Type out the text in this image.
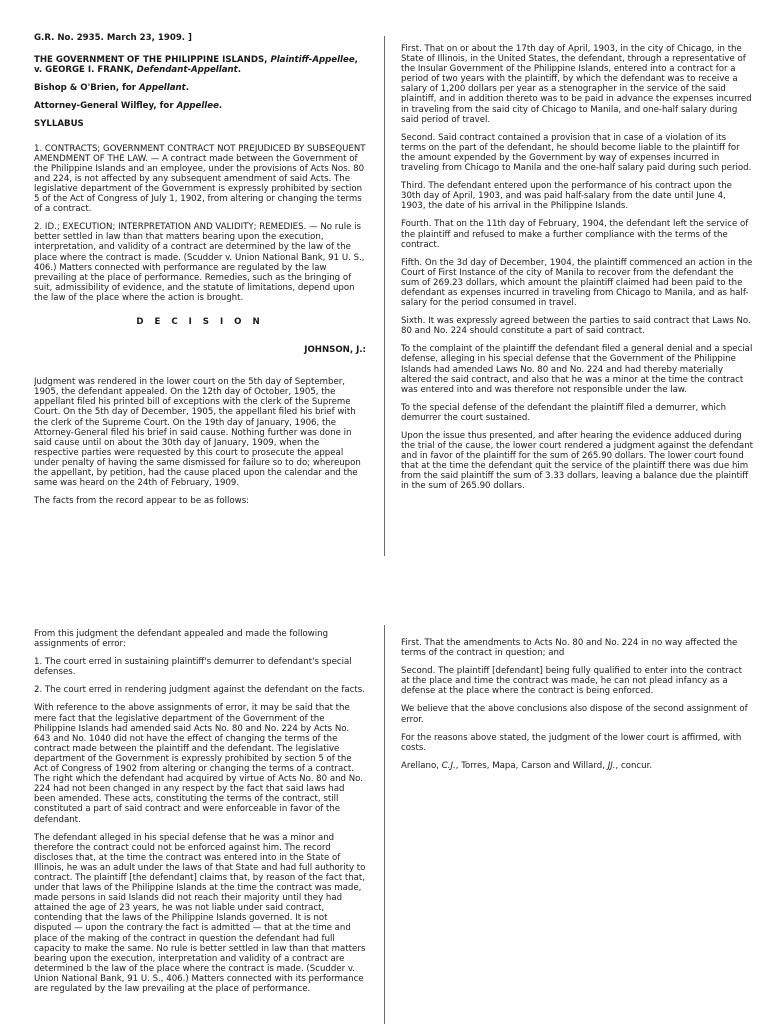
G.R. No. 2935. March 23, 1909. ]

THE GOVERNMENT OF THE PHILIPPINE ISLANDS, Plaintiff-Appellee, v. GEORGE I. FRANK, Defendant-Appellant.

Bishop & O'Brien, for Appellant.

Attorney-General Wilfley, for Appellee.

SYLLABUS

1. CONTRACTS; GOVERNMENT CONTRACT NOT PREJUDICED BY SUBSEQUENT AMENDMENT OF THE LAW. — A contract made between the Government of the Philippine Islands and an employee, under the provisions of Acts Nos. 80 and 224, is not affected by any subsequent amendment of said Acts. The legislative department of the Government is expressly prohibited by section 5 of the Act of Congress of July 1, 1902, from altering or changing the terms of a contract.

2. ID.; EXECUTION; INTERPRETATION AND VALIDITY; REMEDIES. — No rule is better settled in law than that matters bearing upon the execution, interpretation, and validity of a contract are determined by the law of the place where the contract is made. (Scudder v. Union National Bank, 91 U. S., 406.) Matters connected with performance are regulated by the law prevailing at the place of performance. Remedies, such as the bringing of suit, admissibility of evidence, and the statute of limitations, depend upon the law of the place where the action is brought.

D E C I S I O N

JOHNSON, J.:

Judgment was rendered in the lower court on the 5th day of September, 1905, the defendant appealed. On the 12th day of October, 1905, the appellant filed his printed bill of exceptions with the clerk of the Supreme Court. On the 5th day of December, 1905, the appellant filed his brief with the clerk of the Supreme Court. On the 19th day of January, 1906, the Attorney-General filed his brief in said cause. Nothing further was done in said cause until on about the 30th day of January, 1909, when the respective parties were requested by this court to prosecute the appeal under penalty of having the same dismissed for failure so to do; whereupon the appellant, by petition, had the cause placed upon the calendar and the same was heard on the 24th of February, 1909.

The facts from the record appear to be as follows:

First. That on or about the 17th day of April, 1903, in the city of Chicago, in the State of Illinois, in the United States, the defendant, through a representative of the Insular Government of the Philippine Islands, entered into a contract for a period of two years with the plaintiff, by which the defendant was to receive a salary of 1,200 dollars per year as a stenographer in the service of the said plaintiff, and in addition thereto was to be paid in advance the expenses incurred in traveling from the said city of Chicago to Manila, and one-half salary during said period of travel.

Second. Said contract contained a provision that in case of a violation of its terms on the part of the defendant, he should become liable to the plaintiff for the amount expended by the Government by way of expenses incurred in traveling from Chicago to Manila and the one-half salary paid during such period.

Third. The defendant entered upon the performance of his contract upon the 30th day of April, 1903, and was paid half-salary from the date until June 4, 1903, the date of his arrival in the Philippine Islands.

Fourth. That on the 11th day of February, 1904, the defendant left the service of the plaintiff and refused to make a further compliance with the terms of the contract.

Fifth. On the 3d day of December, 1904, the plaintiff commenced an action in the Court of First Instance of the city of Manila to recover from the defendant the sum of 269.23 dollars, which amount the plaintiff claimed had been paid to the defendant as expenses incurred in traveling from Chicago to Manila, and as half-salary for the period consumed in travel.

Sixth. It was expressly agreed between the parties to said contract that Laws No. 80 and No. 224 should constitute a part of said contract.

To the complaint of the plaintiff the defendant filed a general denial and a special defense, alleging in his special defense that the Government of the Philippine Islands had amended Laws No. 80 and No. 224 and had thereby materially altered the said contract, and also that he was a minor at the time the contract was entered into and was therefore not responsible under the law.

To the special defense of the defendant the plaintiff filed a demurrer, which demurrer the court sustained.

Upon the issue thus presented, and after hearing the evidence adduced during the trial of the cause, the lower court rendered a judgment against the defendant and in favor of the plaintiff for the sum of 265.90 dollars. The lower court found that at the time the defendant quit the service of the plaintiff there was due him from the said plaintiff the sum of 3.33 dollars, leaving a balance due the plaintiff in the sum of 265.90 dollars.

From this judgment the defendant appealed and made the following assignments of error:

1. The court erred in sustaining plaintiff's demurrer to defendant's special defenses.

2. The court erred in rendering judgment against the defendant on the facts.

With reference to the above assignments of error, it may be said that the mere fact that the legislative department of the Government of the Philippine Islands had amended said Acts No. 80 and No. 224 by Acts No. 643 and No. 1040 did not have the effect of changing the terms of the contract made between the plaintiff and the defendant. The legislative department of the Government is expressly prohibited by section 5 of the Act of Congress of 1902 from altering or changing the terms of a contract. The right which the defendant had acquired by virtue of Acts No. 80 and No. 224 had not been changed in any respect by the fact that said laws had been amended. These acts, constituting the terms of the contract, still constituted a part of said contract and were enforceable in favor of the defendant.

The defendant alleged in his special defense that he was a minor and therefore the contract could not be enforced against him. The record discloses that, at the time the contract was entered into in the State of Illinois, he was an adult under the laws of that State and had full authority to contract. The plaintiff [the defendant] claims that, by reason of the fact that, under that laws of the Philippine Islands at the time the contract was made, made persons in said Islands did not reach their majority until they had attained the age of 23 years, he was not liable under said contract, contending that the laws of the Philippine Islands governed. It is not disputed — upon the contrary the fact is admitted — that at the time and place of the making of the contract in question the defendant had full capacity to make the same. No rule is better settled in law than that matters bearing upon the execution, interpretation and validity of a contract are determined b the law of the place where the contract is made. (Scudder v. Union National Bank, 91 U. S., 406.) Matters connected with its performance are regulated by the law prevailing at the place of performance.

First. That the amendments to Acts No. 80 and No. 224 in no way affected the terms of the contract in question; and

Second. The plaintiff [defendant] being fully qualified to enter into the contract at the place and time the contract was made, he can not plead infancy as a defense at the place where the contract is being enforced.

We believe that the above conclusions also dispose of the second assignment of error.

For the reasons above stated, the judgment of the lower court is affirmed, with costs.

Arellano, C.J., Torres, Mapa, Carson and Willard, JJ., concur.
